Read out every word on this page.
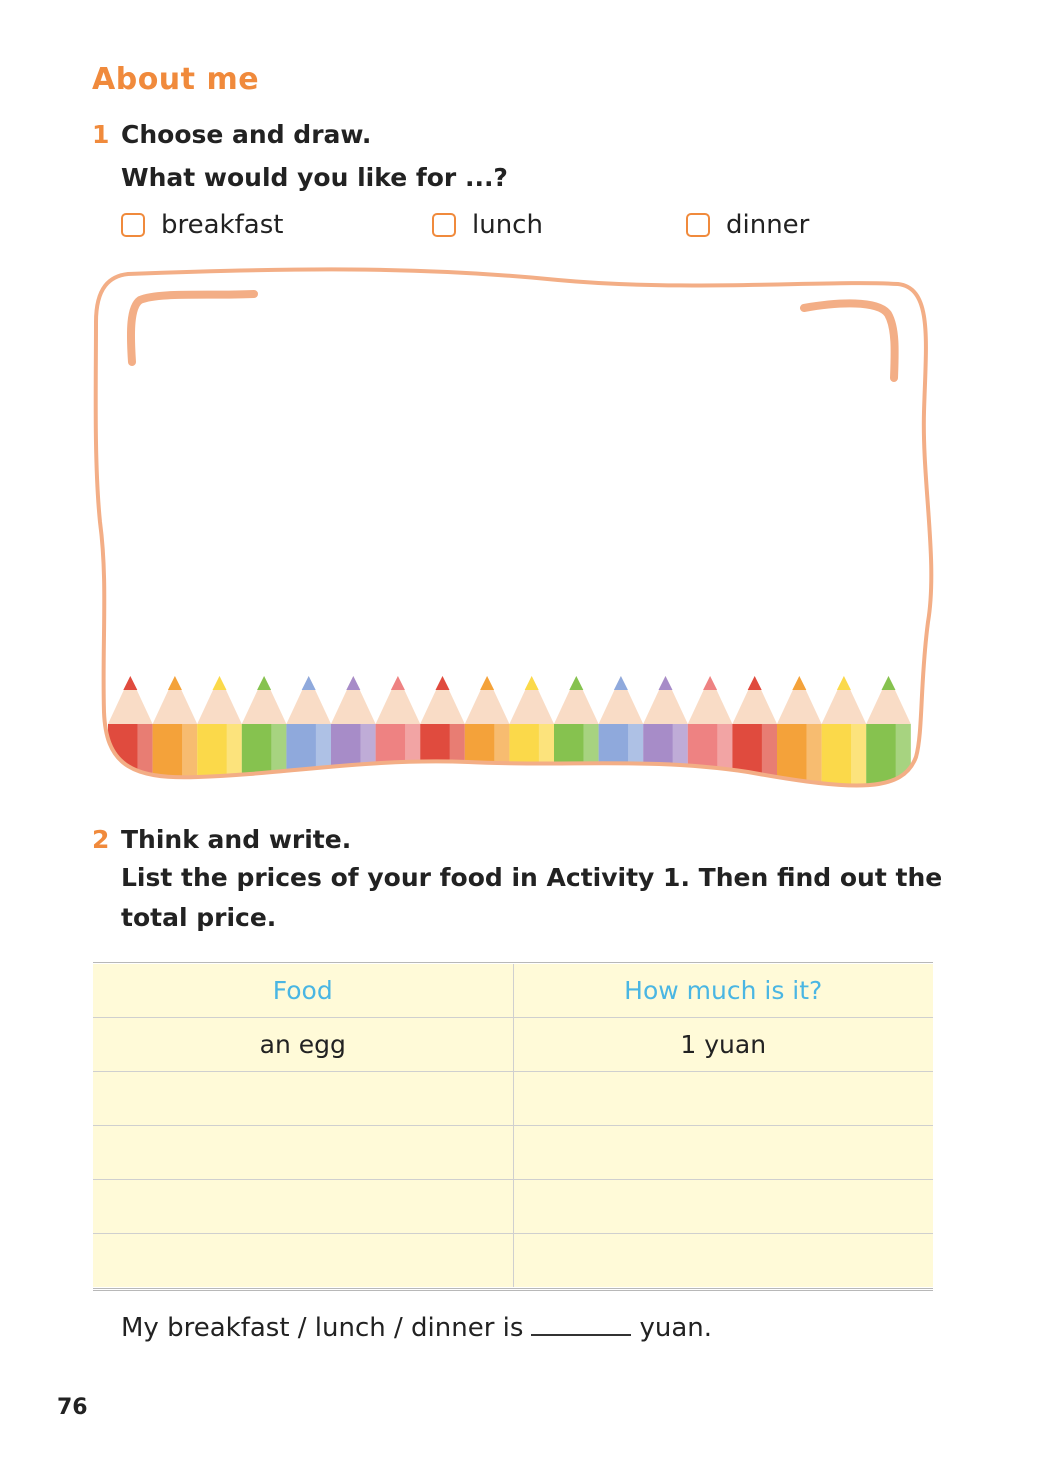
About me
1 Choose and draw.
What would you like for ...?
breakfast	lunch	dinner
2 Think and write.
List the prices of your food in Activity 1. Then find out the total price.
Food	How much is it?
an egg	1 yuan

My breakfast / lunch / dinner is	yuan.
76
